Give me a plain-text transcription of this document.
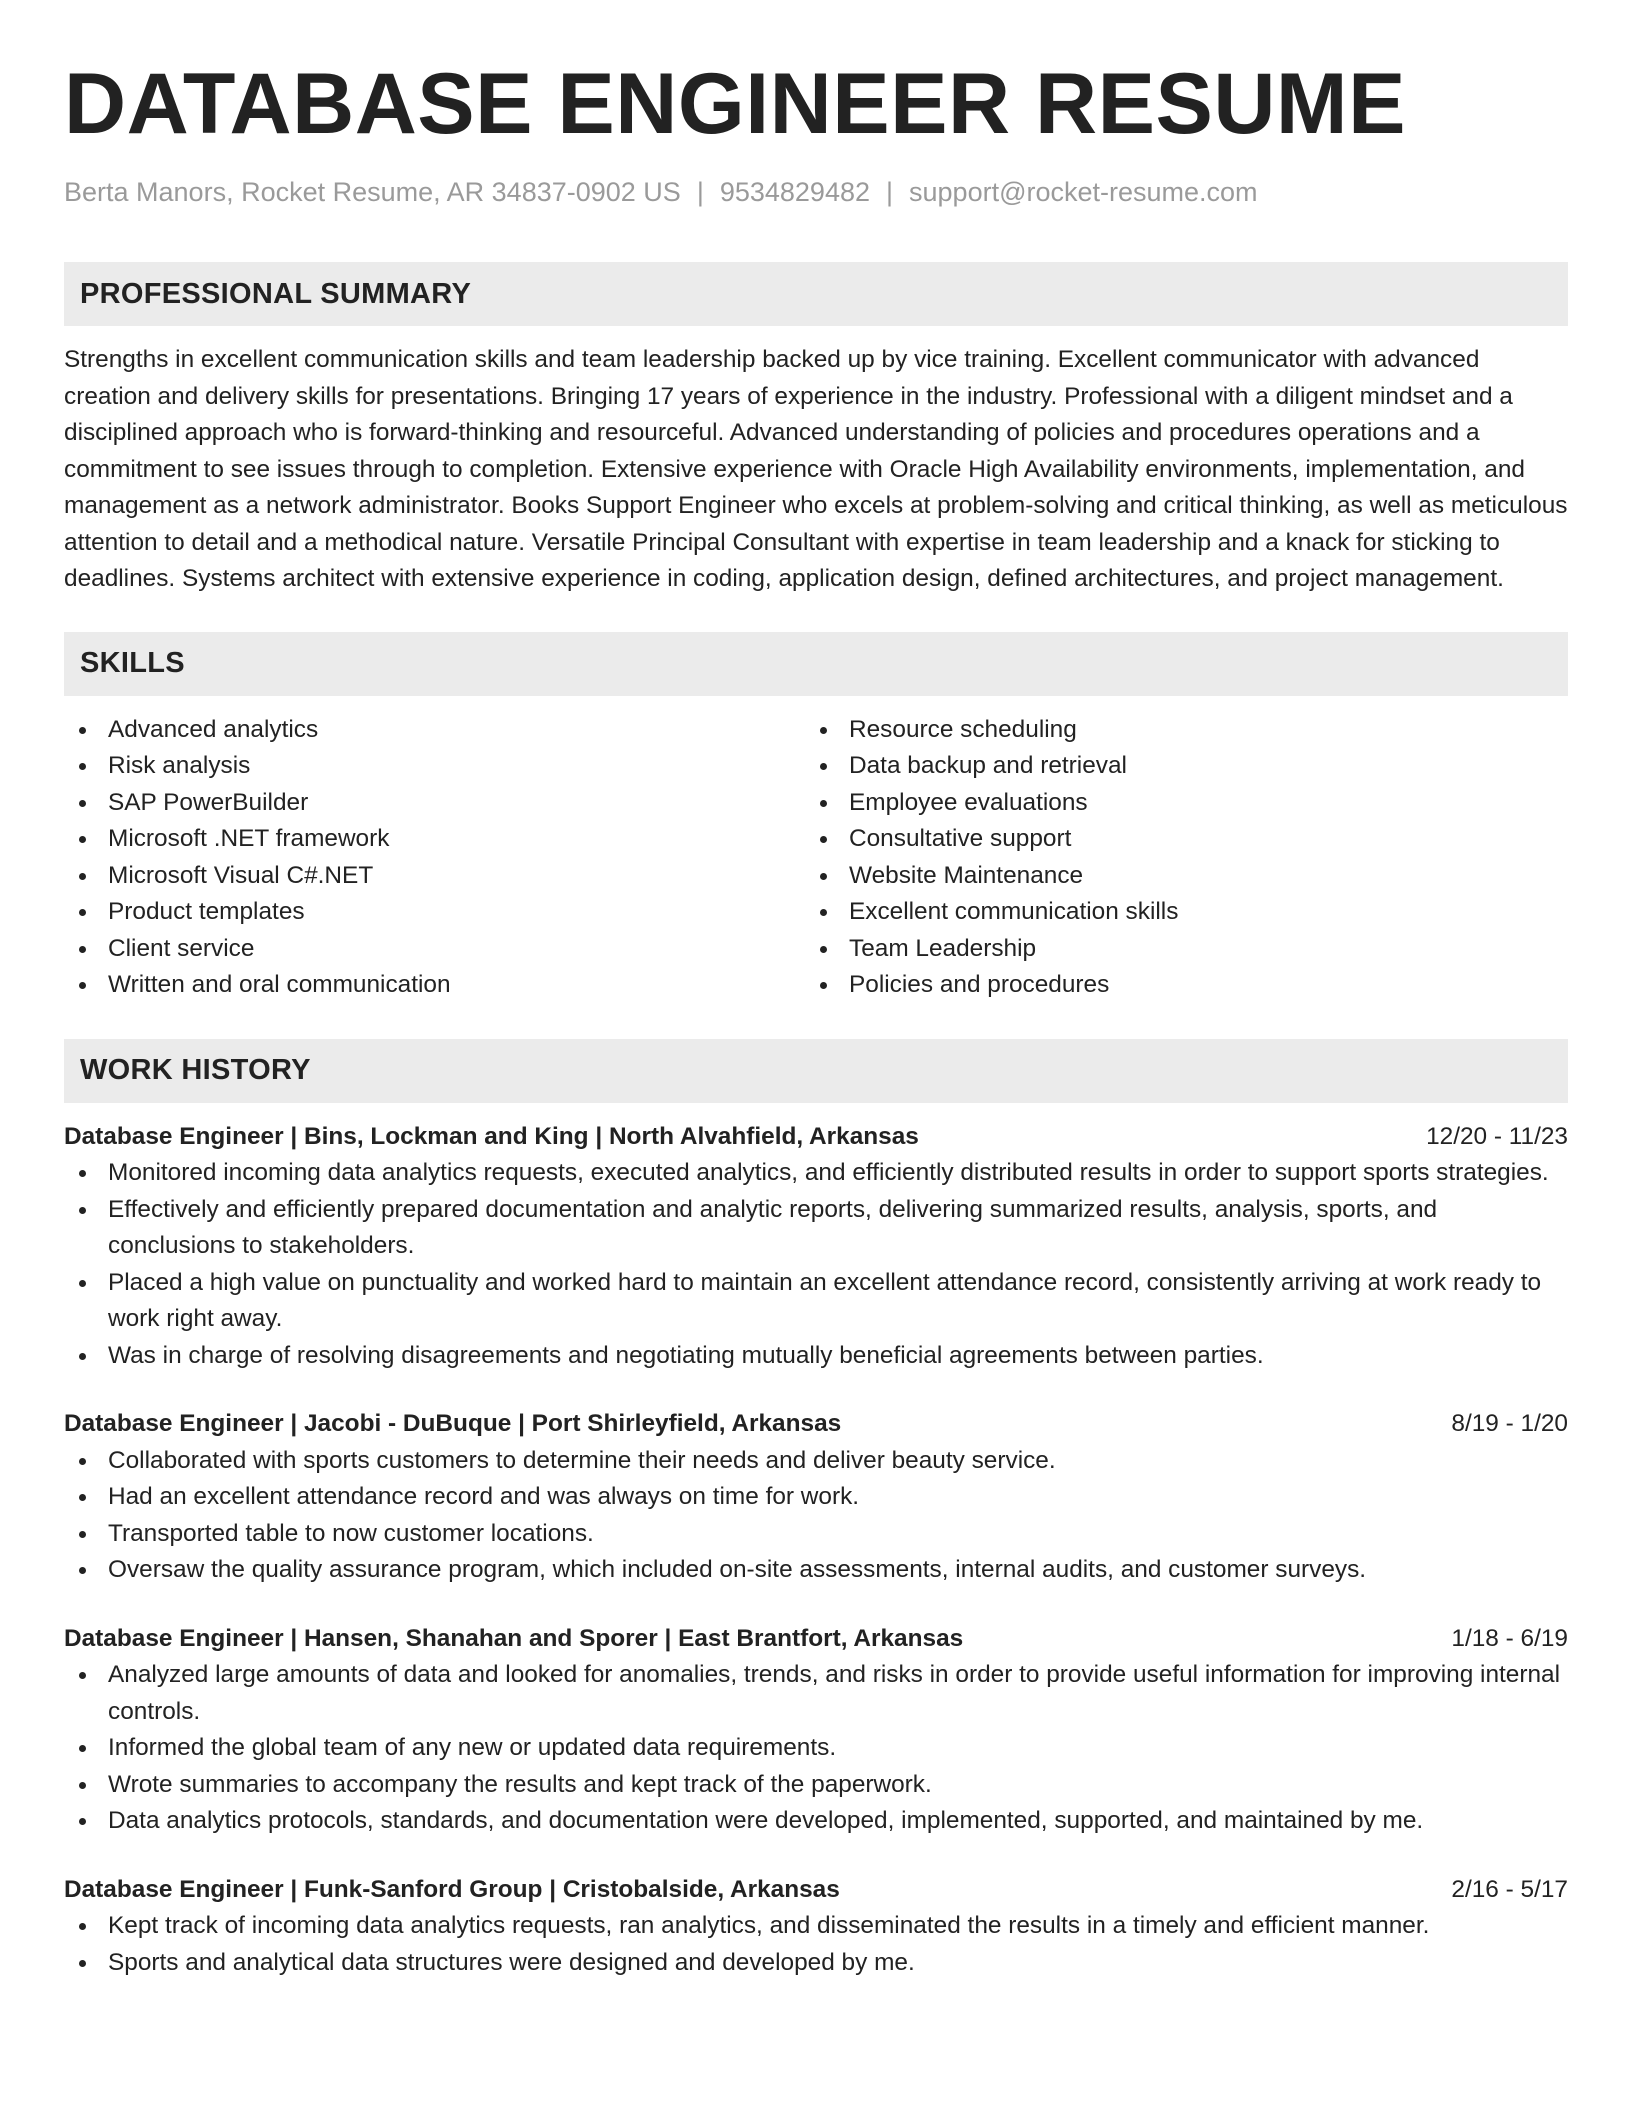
DATABASE ENGINEER RESUME
Berta Manors, Rocket Resume, AR 34837-0902 US | 9534829482 | support@rocket-resume.com
PROFESSIONAL SUMMARY
Strengths in excellent communication skills and team leadership backed up by vice training. Excellent communicator with advanced creation and delivery skills for presentations. Bringing 17 years of experience in the industry. Professional with a diligent mindset and a disciplined approach who is forward-thinking and resourceful. Advanced understanding of policies and procedures operations and a commitment to see issues through to completion. Extensive experience with Oracle High Availability environments, implementation, and management as a network administrator. Books Support Engineer who excels at problem-solving and critical thinking, as well as meticulous attention to detail and a methodical nature. Versatile Principal Consultant with expertise in team leadership and a knack for sticking to deadlines. Systems architect with extensive experience in coding, application design, defined architectures, and project management.
SKILLS
Advanced analytics
Risk analysis
SAP PowerBuilder
Microsoft .NET framework
Microsoft Visual C#.NET
Product templates
Client service
Written and oral communication
Resource scheduling
Data backup and retrieval
Employee evaluations
Consultative support
Website Maintenance
Excellent communication skills
Team Leadership
Policies and procedures
WORK HISTORY
Database Engineer | Bins, Lockman and King | North Alvahfield, Arkansas	12/20 - 11/23
Monitored incoming data analytics requests, executed analytics, and efficiently distributed results in order to support sports strategies.
Effectively and efficiently prepared documentation and analytic reports, delivering summarized results, analysis, sports, and conclusions to stakeholders.
Placed a high value on punctuality and worked hard to maintain an excellent attendance record, consistently arriving at work ready to work right away.
Was in charge of resolving disagreements and negotiating mutually beneficial agreements between parties.
Database Engineer | Jacobi - DuBuque | Port Shirleyfield, Arkansas	8/19 - 1/20
Collaborated with sports customers to determine their needs and deliver beauty service.
Had an excellent attendance record and was always on time for work.
Transported table to now customer locations.
Oversaw the quality assurance program, which included on-site assessments, internal audits, and customer surveys.
Database Engineer | Hansen, Shanahan and Sporer | East Brantfort, Arkansas	1/18 - 6/19
Analyzed large amounts of data and looked for anomalies, trends, and risks in order to provide useful information for improving internal controls.
Informed the global team of any new or updated data requirements.
Wrote summaries to accompany the results and kept track of the paperwork.
Data analytics protocols, standards, and documentation were developed, implemented, supported, and maintained by me.
Database Engineer | Funk-Sanford Group | Cristobalside, Arkansas	2/16 - 5/17
Kept track of incoming data analytics requests, ran analytics, and disseminated the results in a timely and efficient manner.
Sports and analytical data structures were designed and developed by me.
